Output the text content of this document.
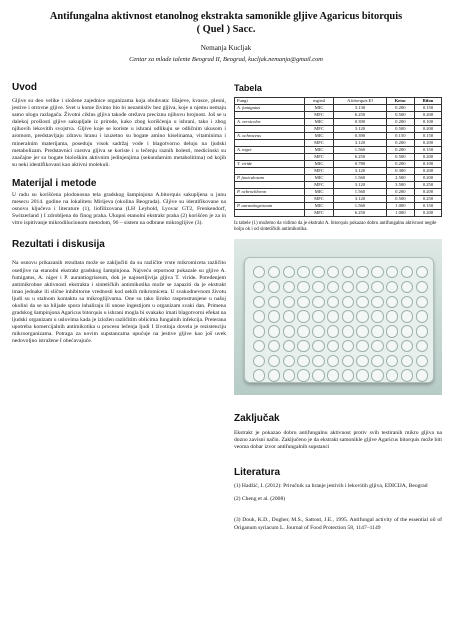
Antifungalna aktivnost etanolnog ekstrakta samonikle gljive Agaricus bitorquis
( Quel ) Sacc.
Nemanja Kucljak
Centar za mlade talente Beograd II, Beograd, kucljak.nemanja@gmail.com
Uvod

Gljive su deo velike i složene zajednice organizama koja obuhvata: lišajeve, kvasce, plesni, jestive i otrovne gljive. Svet u kome živimo bio bi nezamisliv bez gljiva, koje u njemu nemaju samo ulogu razlagača. Životni ciklus gljiva takođe otežava preciznu njihovu brojnost. Još se u dalekoj prošlosti gljive sakupljale iz prirode, kako zbog korišćenja u ishrani, tako i zbog njihovih lekovitih svojstva. Gljive koje se koriste u ishrani odlikuju se odličnim ukusom i aromom, predstavljaju zdravu hranu i izuzetno su bogate amino kiselinama, vitaminima i mineralnim materijama, poseduju visok sadržaj vode i blagotvorno deluju na ljudski metabolizam. Predstavnici carstva gljiva se koriste i u lečenju raznih bolesti, medicinski su značajne jer su bogate biološkim aktivnim jedinjenjima (sekundarnim metabolitima) od kojih su neki identifikovani kao aktivni molekuli.

Materijal i metode

U radu su korišćena plodonosna tela gradskog šampinjona A.bitorquis sakupljena u junu mesecu 2014. godine na lokalitetu Mirijeva (okolina Beograda). Gljive su identifikovane na osnovu ključeva i literature (1), liofilizovana (LH Leybold, Lyovac GT2, Frenkendorf, Switzerland ) I zdrobljena do finog praha. Ukupni etanolni ekstrakt praha (2) korišćen je za in vitro ispitivanje mikrodilucionom metodom, 96 – sistem na odbrane mikroglijive (3).

Rezultati i diskusija

Na osnovu prikazanih rezultata može se zaključiti da su različite vrste mikromiceta različito osetljive na etanolni ekstrakt gradskog šampinjona. Najveću otpornost pokazale su gljive A. fumigatus, A. niger i P. aurantiogriseum, dok je najosetljivija gljiva T. viride. Poređenjem antimikrobne aktivnosti ekstrakta i sintetičkih antimikotika može se zapaziti da je ekstrakt imao jednake ili slične inhibitorne vrednosti kod nekih mikromiceta. U svakodnevnom životu ljudi su u stalnom kontaktu sa mikroglijivama. One su tako široko rasprostranjene u našoj okolini da se na hiljade spora inhaliraju ili unose ingestijom u organizam svaki dan. Primena gradskog šampinjona Agaricus bitorquis u ishrani mogla bi svakako imati blagotvorni efekat na ljudski organizam u uslovima kada je izložen različitim oblicima fungalnih infekcija. Preterana upotreba komercijalnih antimikotika u procesu lečenja ljudi I životinja dovela je rezistenciju mikroorganizama. Potraga za novim supstancama upućuje na jestive gljive kao još uvek nedovoljno istražene I obećavajuće.

Tabela
Fungi	mg/ml	A.bitorquis El	Ketoc	Bifon
A. fumigatus	MIC	3.130	0.200	0.150
	MFC	6.250	0.500	0.200
A. versicolor	MIC	0.390	0.200	0.100
	MFC	3.120	0.500	0.200
A. ochraceus	MIC	0.390	0.150	0.150
	MFC	3.120	0.200	0.200
A. niger	MIC	1.560	0.200	0.150
	MFC	6.250	0.500	0.200
T. viride	MIC	0.780	0.200	0.100
	MFC	3.120	0.300	0.200
P. funiculosum	MIC	1.560	2.500	0.200
	MFC	3.120	3.500	0.250
P. ochrochloron	MIC	1.560	0.200	0.200
	MFC	3.120	0.500	0.250
P. aurantiogriseum	MIC	1.560	1.000	0.150
	MFC	6.250	1.000	0.200

Iz tabele (1) možemo da vidimo da je ekstrakt A. bitorquis pokazao dobru antifungalnu aktivnost negde bolju ok i od sintetičkih antimikotika.

Zaključak

Ekstrakt je pokazao dobru antifungalnu aktivnost protiv svih testiranih mikro gljiva na dozno zavisni način. Zaključeno je da ekstrakt samonikle gljive Agaricus bitorquis može biti veoma dobar izvor antifungalnih supstanci

Literatura

(1) Hadžić, I. (2012): Priručnik za branje jestivih i lekovitih gljiva, EDICIJA, Beograd

(2) Cheng et al. (2008)

(3) Douk, K.D., Dugher, M.S., Sattout, J.E., 1995. Antifungal activity of the essential oil of Origanum syriacum L. Journal of Food Protection 58, 1147–1149
